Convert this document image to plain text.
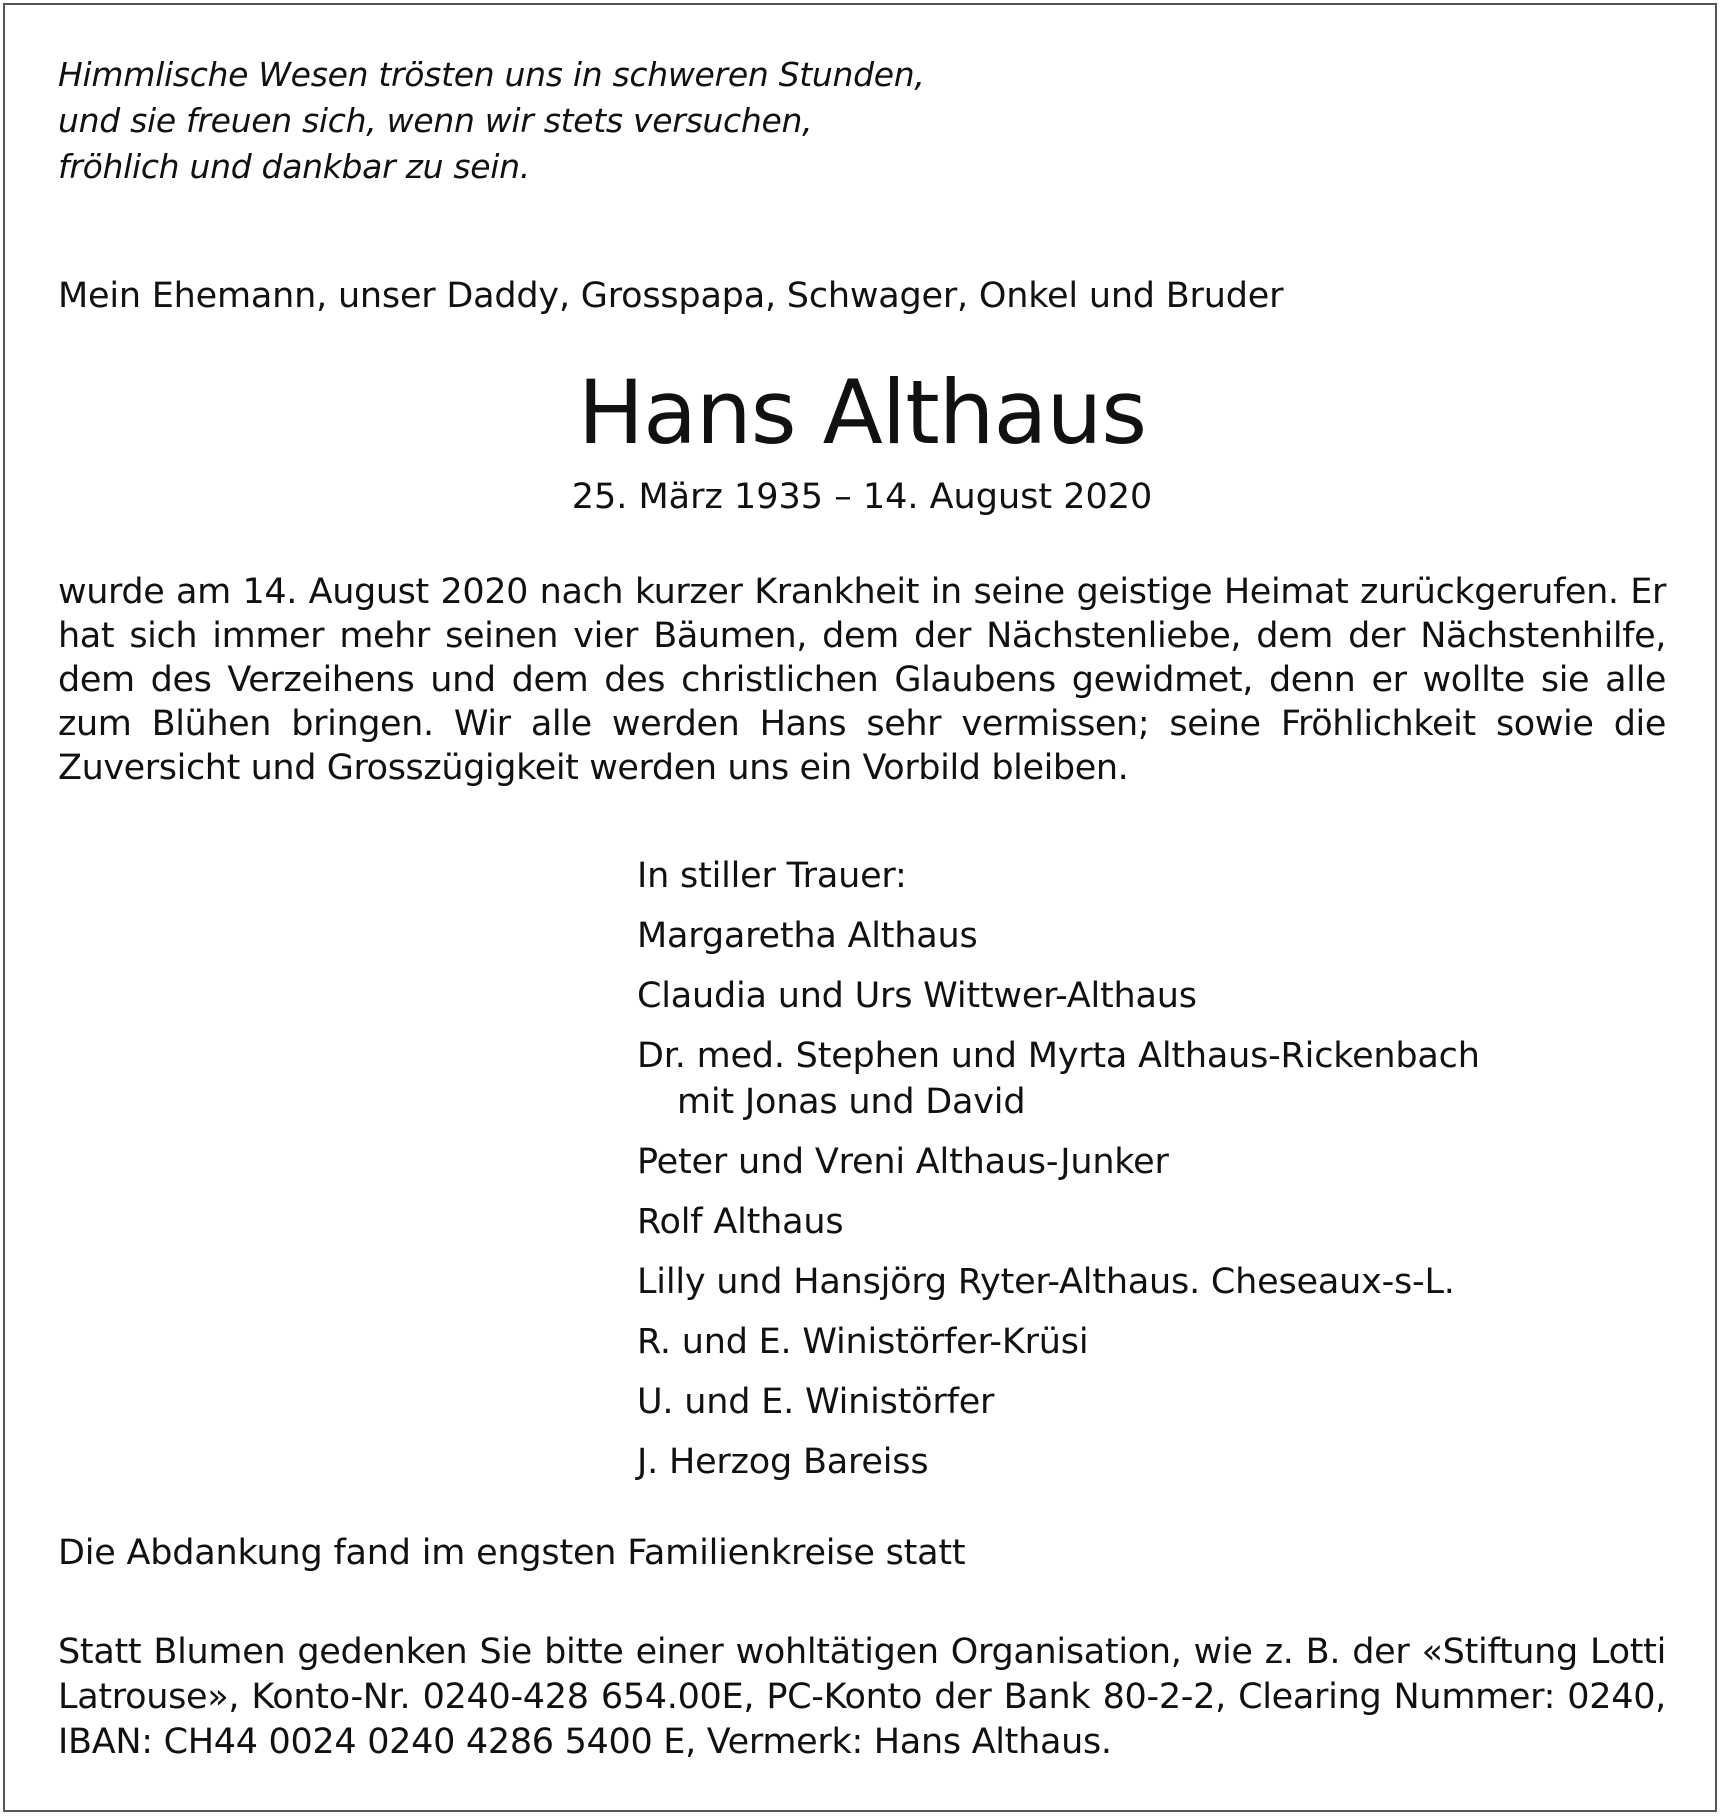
Himmlische Wesen trösten uns in schweren Stunden,
und sie freuen sich, wenn wir stets versuchen,
fröhlich und dankbar zu sein.
Mein Ehemann, unser Daddy, Grosspapa, Schwager, Onkel und Bruder
Hans Althaus
25. März 1935 – 14. August 2020
wurde am 14. August 2020 nach kurzer Krankheit in seine geistige Heimat zurückgerufen. Er hat sich immer mehr seinen vier Bäumen, dem der Nächstenliebe, dem der Nächstenhilfe, dem des Verzeihens und dem des christlichen Glaubens gewidmet, denn er wollte sie alle zum Blühen bringen. Wir alle werden Hans sehr vermissen; seine Fröhlichkeit sowie die Zuversicht und Grosszügigkeit werden uns ein Vorbild bleiben.
In stiller Trauer:
Margaretha Althaus
Claudia und Urs Wittwer-Althaus
Dr. med. Stephen und Myrta Althaus-Rickenbach
mit Jonas und David
Peter und Vreni Althaus-Junker
Rolf Althaus
Lilly und Hansjörg Ryter-Althaus. Cheseaux-s-L.
R. und E. Winistörfer-Krüsi
U. und E. Winistörfer
J. Herzog Bareiss
Die Abdankung fand im engsten Familienkreise statt
Statt Blumen gedenken Sie bitte einer wohltätigen Organisation, wie z. B. der «Stiftung Lotti Latrouse», Konto-Nr. 0240-428 654.00E, PC-Konto der Bank 80-2-2, Clearing Nummer: 0240, IBAN: CH44 0024 0240 4286 5400 E, Vermerk: Hans Althaus.
